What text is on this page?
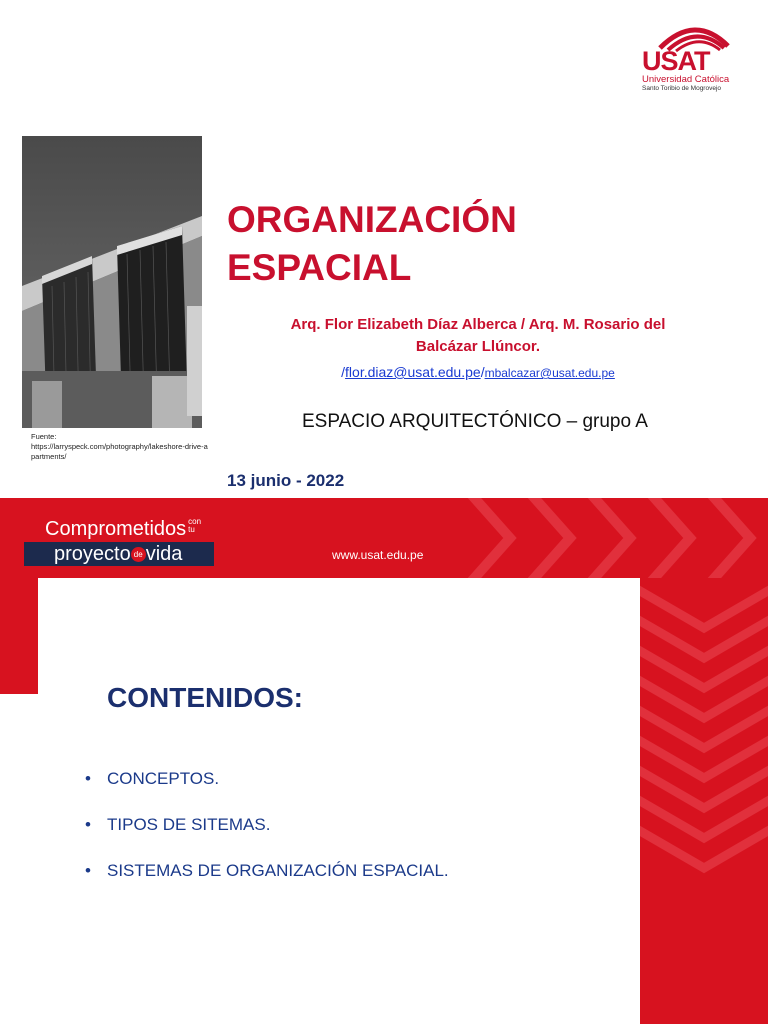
USAT
Universidad Católica
Santo Toribio de Mogrovejo
Fuente:
https://larryspeck.com/photography/lakeshore-drive-apartments/
ORGANIZACIÓN
ESPACIAL
Arq. Flor Elizabeth Díaz Alberca / Arq. M. Rosario del Balcázar Llúncor.
/flor.diaz@usat.edu.pe/mbalcazar@usat.edu.pe
ESPACIO ARQUITECTÓNICO – grupo A
13 junio - 2022
Comprometidos con
tu
proyecto de vida	www.usat.edu.pe
CONTENIDOS:
• CONCEPTOS.
• TIPOS DE SITEMAS.
• SISTEMAS DE ORGANIZACIÓN ESPACIAL.
